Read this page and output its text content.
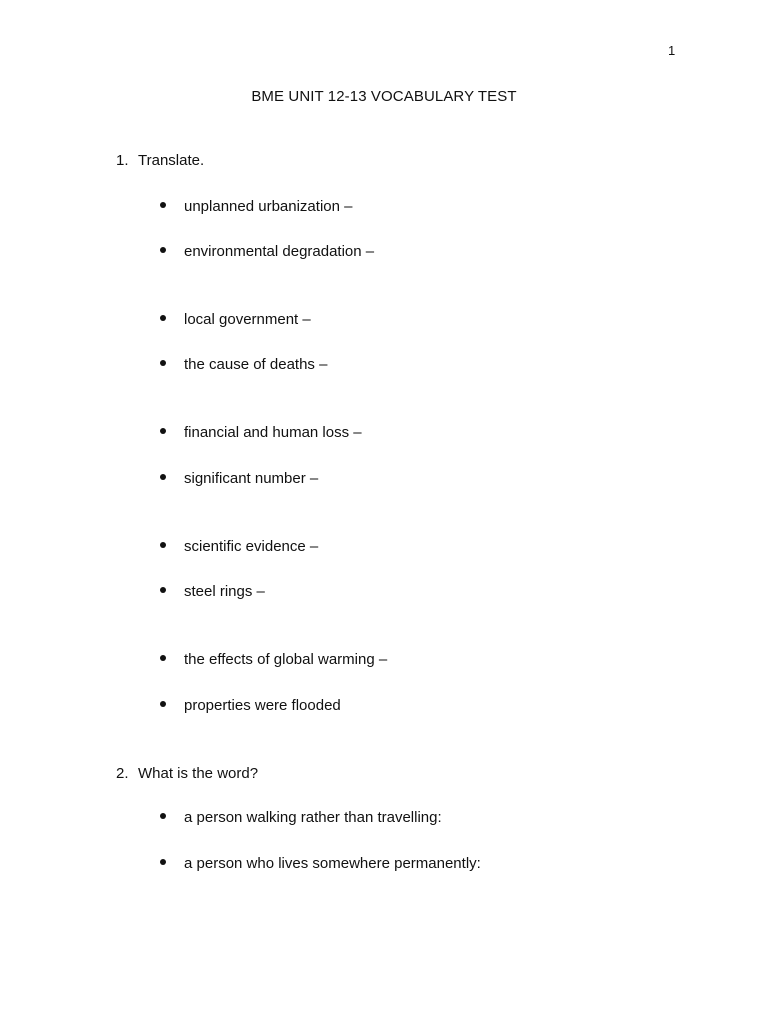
1
BME UNIT 12-13 VOCABULARY TEST
1. Translate.
unplanned urbanization –
environmental degradation –
local government –
the cause of deaths –
financial and human loss –
significant number –
scientific evidence –
steel rings –
the effects of global warming –
properties were flooded
2. What is the word?
a person walking rather than travelling:
a person who lives somewhere permanently:
